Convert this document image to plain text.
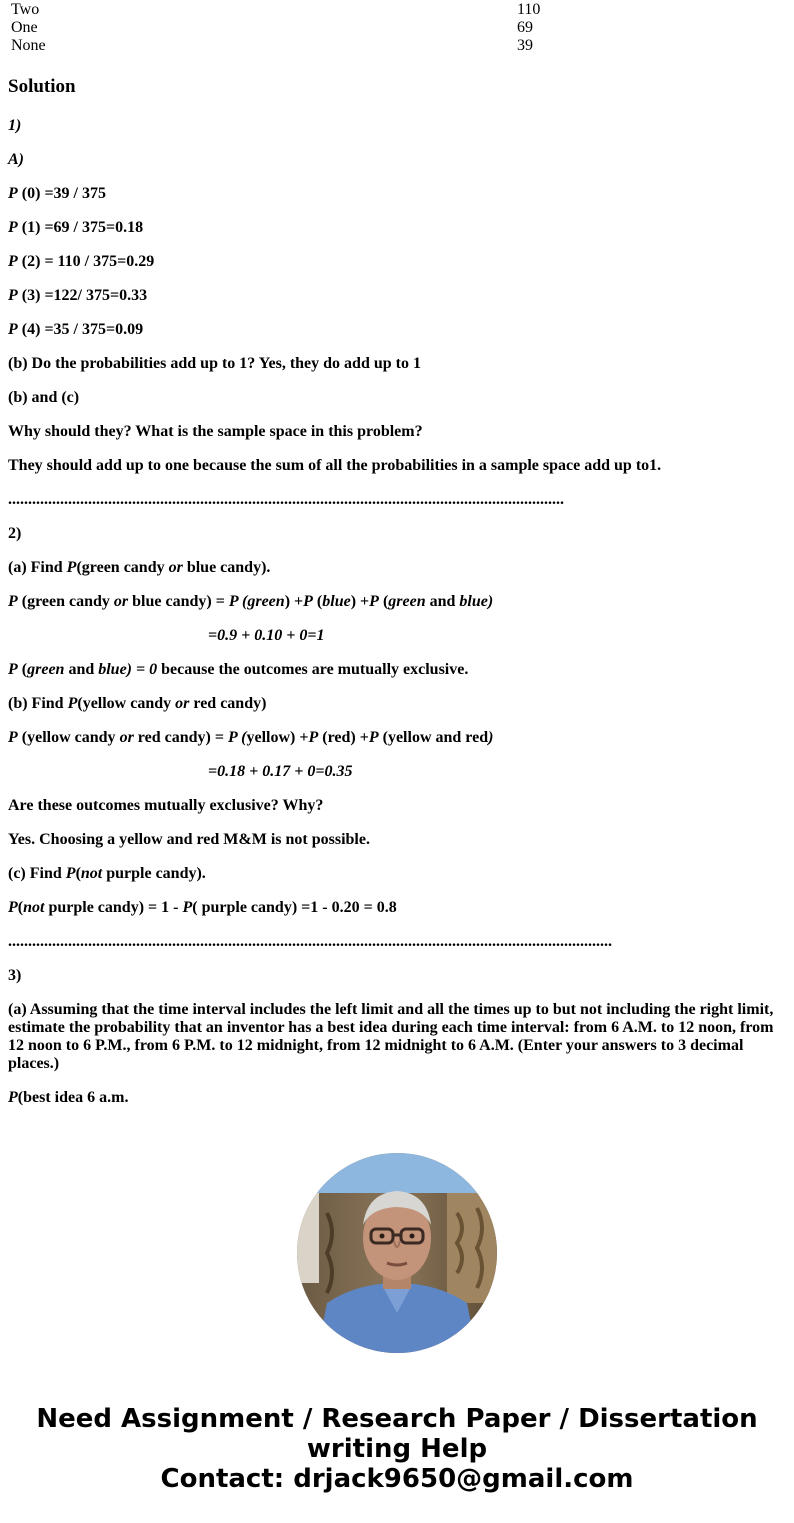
Two	110
One	69
None	39
Solution

1)

A)

P (0) =39 / 375

P (1) =69 / 375=0.18

P (2) = 110 / 375=0.29

P (3) =122/ 375=0.33

P (4) =35 / 375=0.09

(b) Do the probabilities add up to 1? Yes, they do add up to 1

(b) and (c)

Why should they? What is the sample space in this problem?

They should add up to one because the sum of all the probabilities in a sample space add up to1.

...........................................................................................................................................

2)

(a) Find P(green candy or blue candy).

P (green candy or blue candy) = P (green) +P (blue) +P (green and blue)

=0.9 + 0.10 + 0=1

P (green and blue) = 0 because the outcomes are mutually exclusive.

(b) Find P(yellow candy or red candy)

P (yellow candy or red candy) = P (yellow) +P (red) +P (yellow and red)

=0.18 + 0.17 + 0=0.35

Are these outcomes mutually exclusive? Why?

Yes. Choosing a yellow and red M&M is not possible.

(c) Find P(not purple candy).

P(not purple candy) = 1 - P( purple candy) =1 - 0.20 = 0.8

.......................................................................................................................................................

3)

(a) Assuming that the time interval includes the left limit and all the times up to but not including the right limit, estimate the probability that an inventor has a best idea during each time interval: from 6 A.M. to 12 noon, from 12 noon to 6 P.M., from 6 P.M. to 12 midnight, from 12 midnight to 6 A.M. (Enter your answers to 3 decimal places.)

P(best idea 6 a.m.

Need Assignment / Research Paper / Dissertation
writing Help
Contact: drjack9650@gmail.com
